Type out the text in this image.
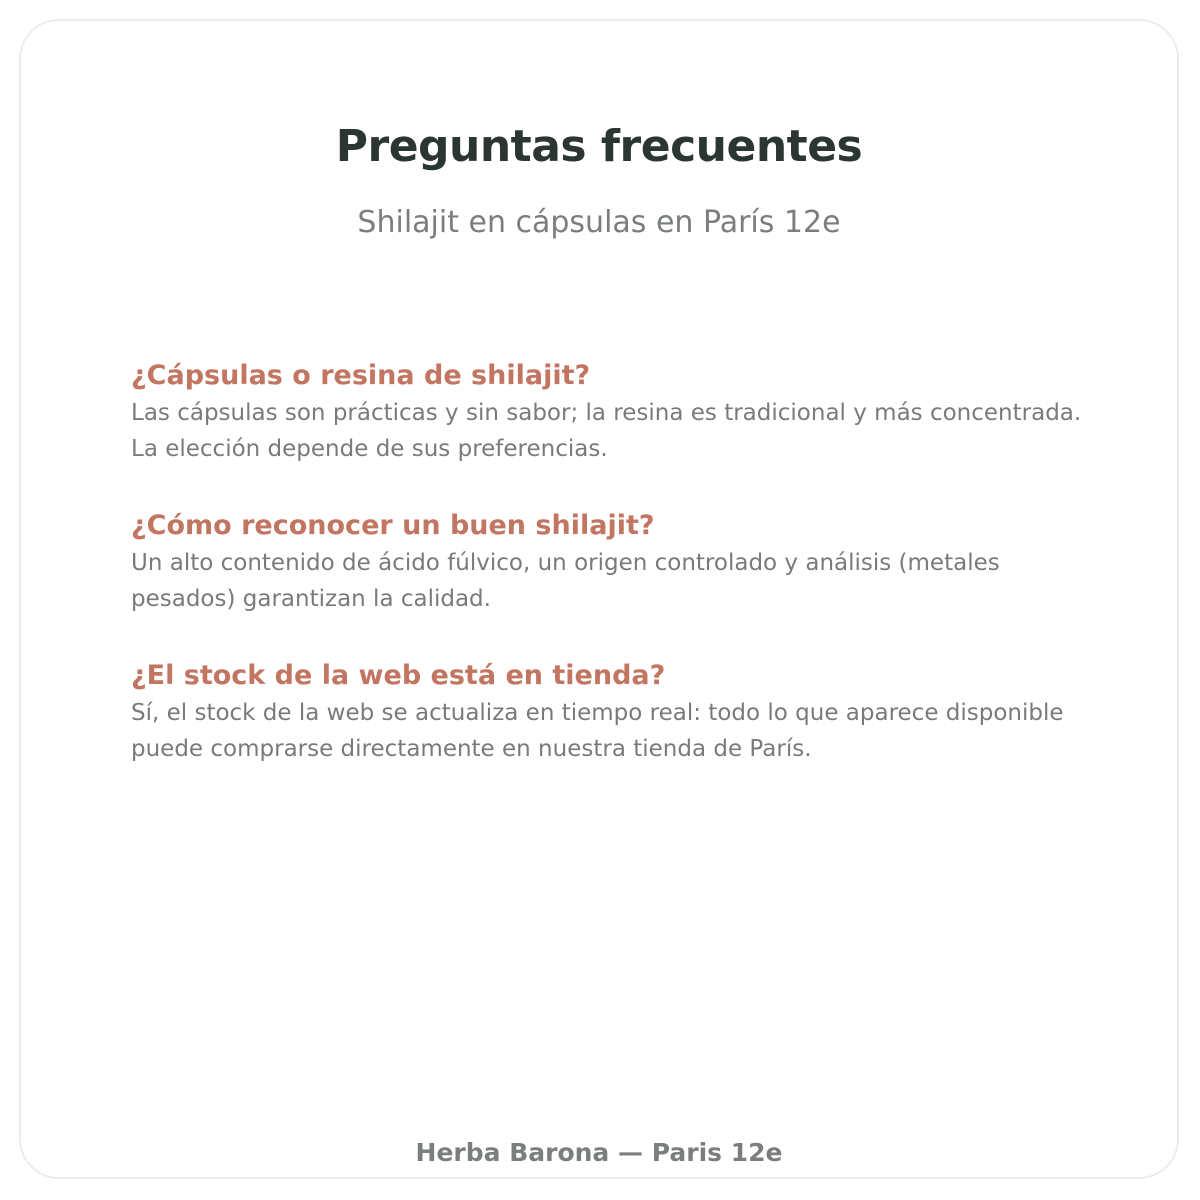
Preguntas frecuentes

Shilajit en cápsulas en París 12e

¿Cápsulas o resina de shilajit?

Las cápsulas son prácticas y sin sabor; la resina es tradicional y más concentrada. La elección depende de sus preferencias.

¿Cómo reconocer un buen shilajit?

Un alto contenido de ácido fúlvico, un origen controlado y análisis (metales pesados) garantizan la calidad.

¿El stock de la web está en tienda?

Sí, el stock de la web se actualiza en tiempo real: todo lo que aparece disponible puede comprarse directamente en nuestra tienda de París.

Herba Barona — Paris 12e
